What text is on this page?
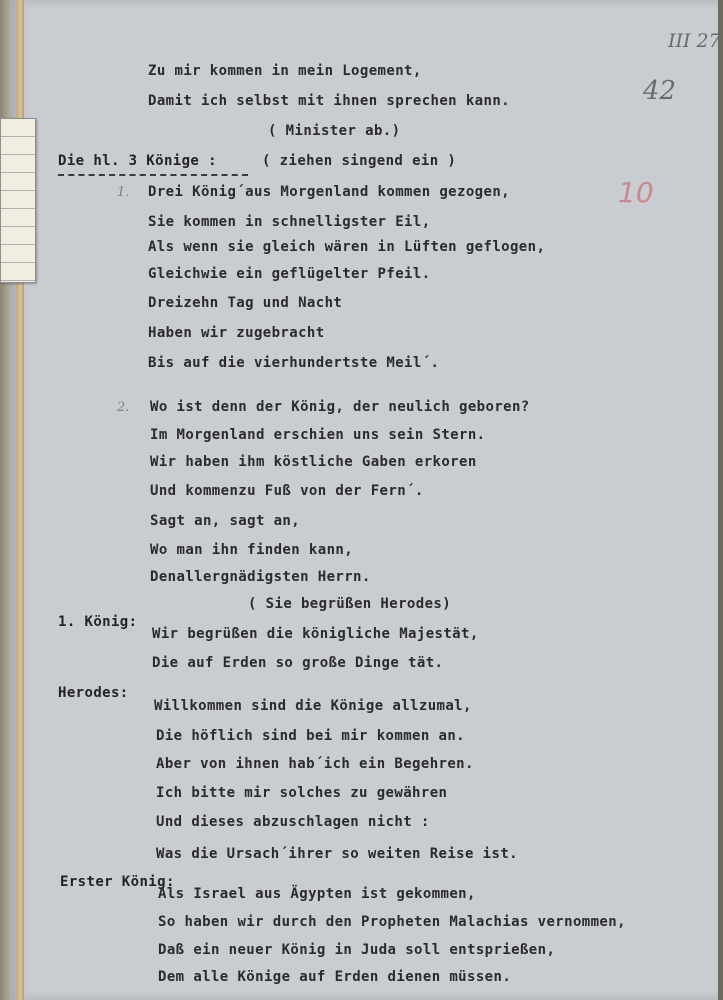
III 27
42
10
Zu mir kommen in mein Logement,
Damit ich selbst mit ihnen sprechen kann.
( Minister ab.)
Die hl. 3 Könige :	( ziehen singend ein )
1. Drei König´aus Morgenland kommen gezogen,
Sie kommen in schnelligster Eil,
Als wenn sie gleich wären in Lüften geflogen,
Gleichwie ein geflügelter Pfeil.
Dreizehn Tag und Nacht
Haben wir zugebracht
Bis auf die vierhundertste Meil´.
2. Wo ist denn der König, der neulich geboren?
Im Morgenland erschien uns sein Stern.
Wir haben ihm köstliche Gaben erkoren
Und kommenzu Fuß von der Fern´.
Sagt an, sagt an,
Wo man ihn finden kann,
Denallergnädigsten Herrn.
( Sie begrüßen Herodes)
1. König:
Wir begrüßen die königliche Majestät,
Die auf Erden so große Dinge tät.
Herodes:
Willkommen sind die Könige allzumal,
Die höflich sind bei mir kommen an.
Aber von ihnen hab´ich ein Begehren.
Ich bitte mir solches zu gewähren
Und dieses abzuschlagen nicht :
Was die Ursach´ihrer so weiten Reise ist.
Erster König:
Als Israel aus Ägypten ist gekommen,
So haben wir durch den Propheten Malachias vernommen,
Daß ein neuer König in Juda soll entsprießen,
Dem alle Könige auf Erden dienen müssen.
